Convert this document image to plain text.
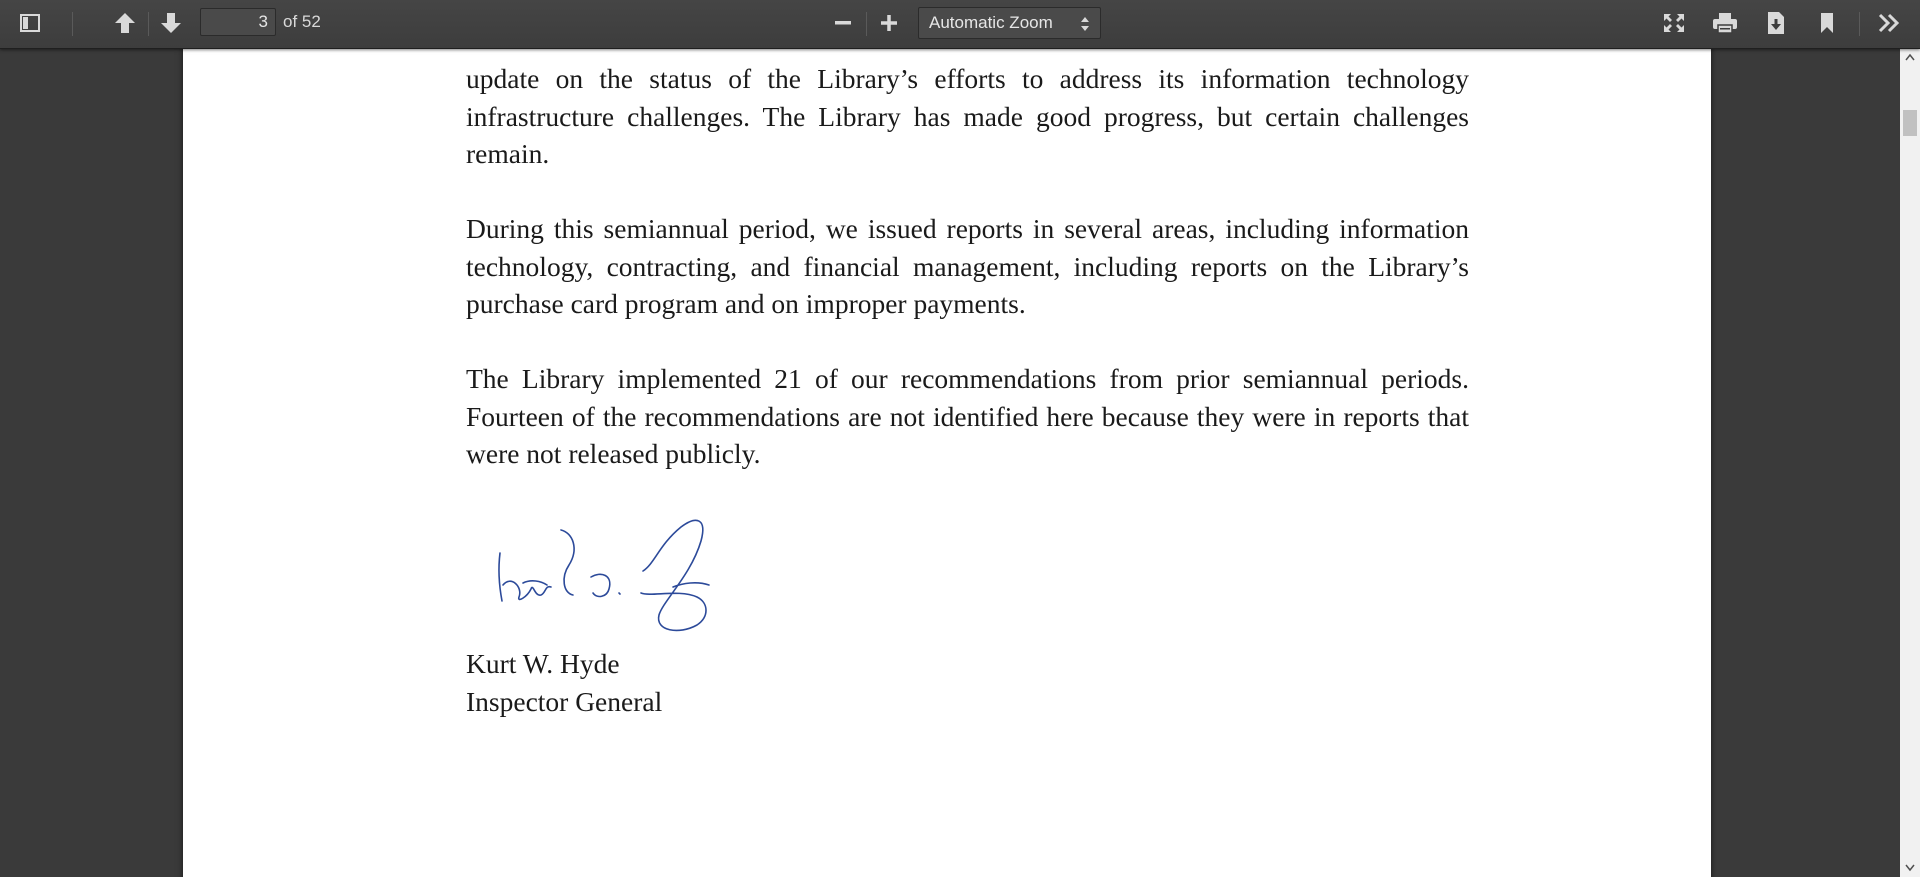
3
of 52	Automatic Zoom

update on the status of the Library’s efforts to address its information technology infrastructure challenges. The Library has made good progress, but certain challenges remain.

During this semiannual period, we issued reports in several areas, including information technology, contracting, and financial management, including reports on the Library’s purchase card program and on improper payments.

The Library implemented 21 of our recommendations from prior semiannual periods. Fourteen of the recommendations are not identified here because they were in reports that were not released publicly.

Kurt W. Hyde

Inspector General
